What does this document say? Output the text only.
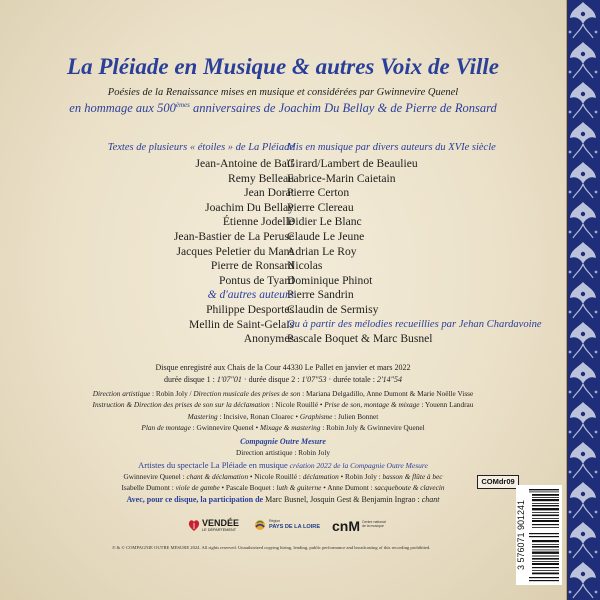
La Pléiade en Musique & autres Voix de Ville
Poésies de la Renaissance mises en musique et considérées par Gwinnevire Quenel
en hommage aux 500èmes anniversaires de Joachim Du Bellay & de Pierre de Ronsard
Textes de plusieurs « étoiles » de La Pléiade
Mis en musique par divers auteurs du XVIe siècle
Jean-Antoine de Baïf
Remy Belleau
Jean Dorat
Joachim Du Bellay
Étienne Jodelle
Jean-Bastier de La Peruse
Jacques Peletier du Mans
Pierre de Ronsard
Pontus de Tyard
& d'autres auteurs
Philippe Desportes
Mellin de Saint-Gelais
Anonymes
Girard/Lambert de Beaulieu
Fabrice-Marin Caietain
Pierre Certon
Pierre Clereau
Didier Le Blanc
Claude Le Jeune
Adrian Le Roy
Nicolas
Dominique Phinot
Pierre Sandrin
Claudin de Sermisy
Ou à partir des mélodies recueillies par Jehan Chardavoine
Pascale Boquet & Marc Busnel
Disque enregistré aux Chais de la Cour 44330 Le Pallet en janvier et mars 2022
durée disque 1 : 1'07"01 · durée disque 2 : 1'07"53 · durée totale : 2'14"54
Direction artistique : Robin Joly / Direction musicale des prises de son : Mariana Delgadillo, Anne Dumont & Marie Noëlle Visse
Instruction & Direction des prises de son sur la déclamation : Nicole Rouillé • Prise de son, montage & mixage : Youenn Landrau
Mastering : Incisive, Ronan Cloarec • Graphisme : Julien Bonnet
Plan de montage : Gwinnevire Quenel • Mixage & mastering : Robin Joly & Gwinnevire Quenel
Compagnie Outre Mesure
Direction artistique : Robin Joly
Artistes du spectacle La Pléiade en musique création 2022 de la Compagnie Outre Mesure
Gwinnevire Quenel : chant & déclamation • Nicole Rouillé : déclamation • Robin Joly : basson & flûte à bec
Isabelle Dumont : viole de gambe • Pascale Boquet : luth & guiterne • Anne Dumont : sacqueboute & clavecin
Avec, pour ce disque, la participation de Marc Busnel, Josquin Gest & Benjamin Ingrao : chant
COMdr09
3 576071 901241
VENDÉE
LE DÉPARTEMENT
Région
PAYS DE LA LOIRE cnM Centre national de la musique
℗ & © COMPAGNIE OUTRE MESURE 2024. All rights reserved. Unauthorized copying hiring, lending, public performance and broadcasting of this recording prohibited.
